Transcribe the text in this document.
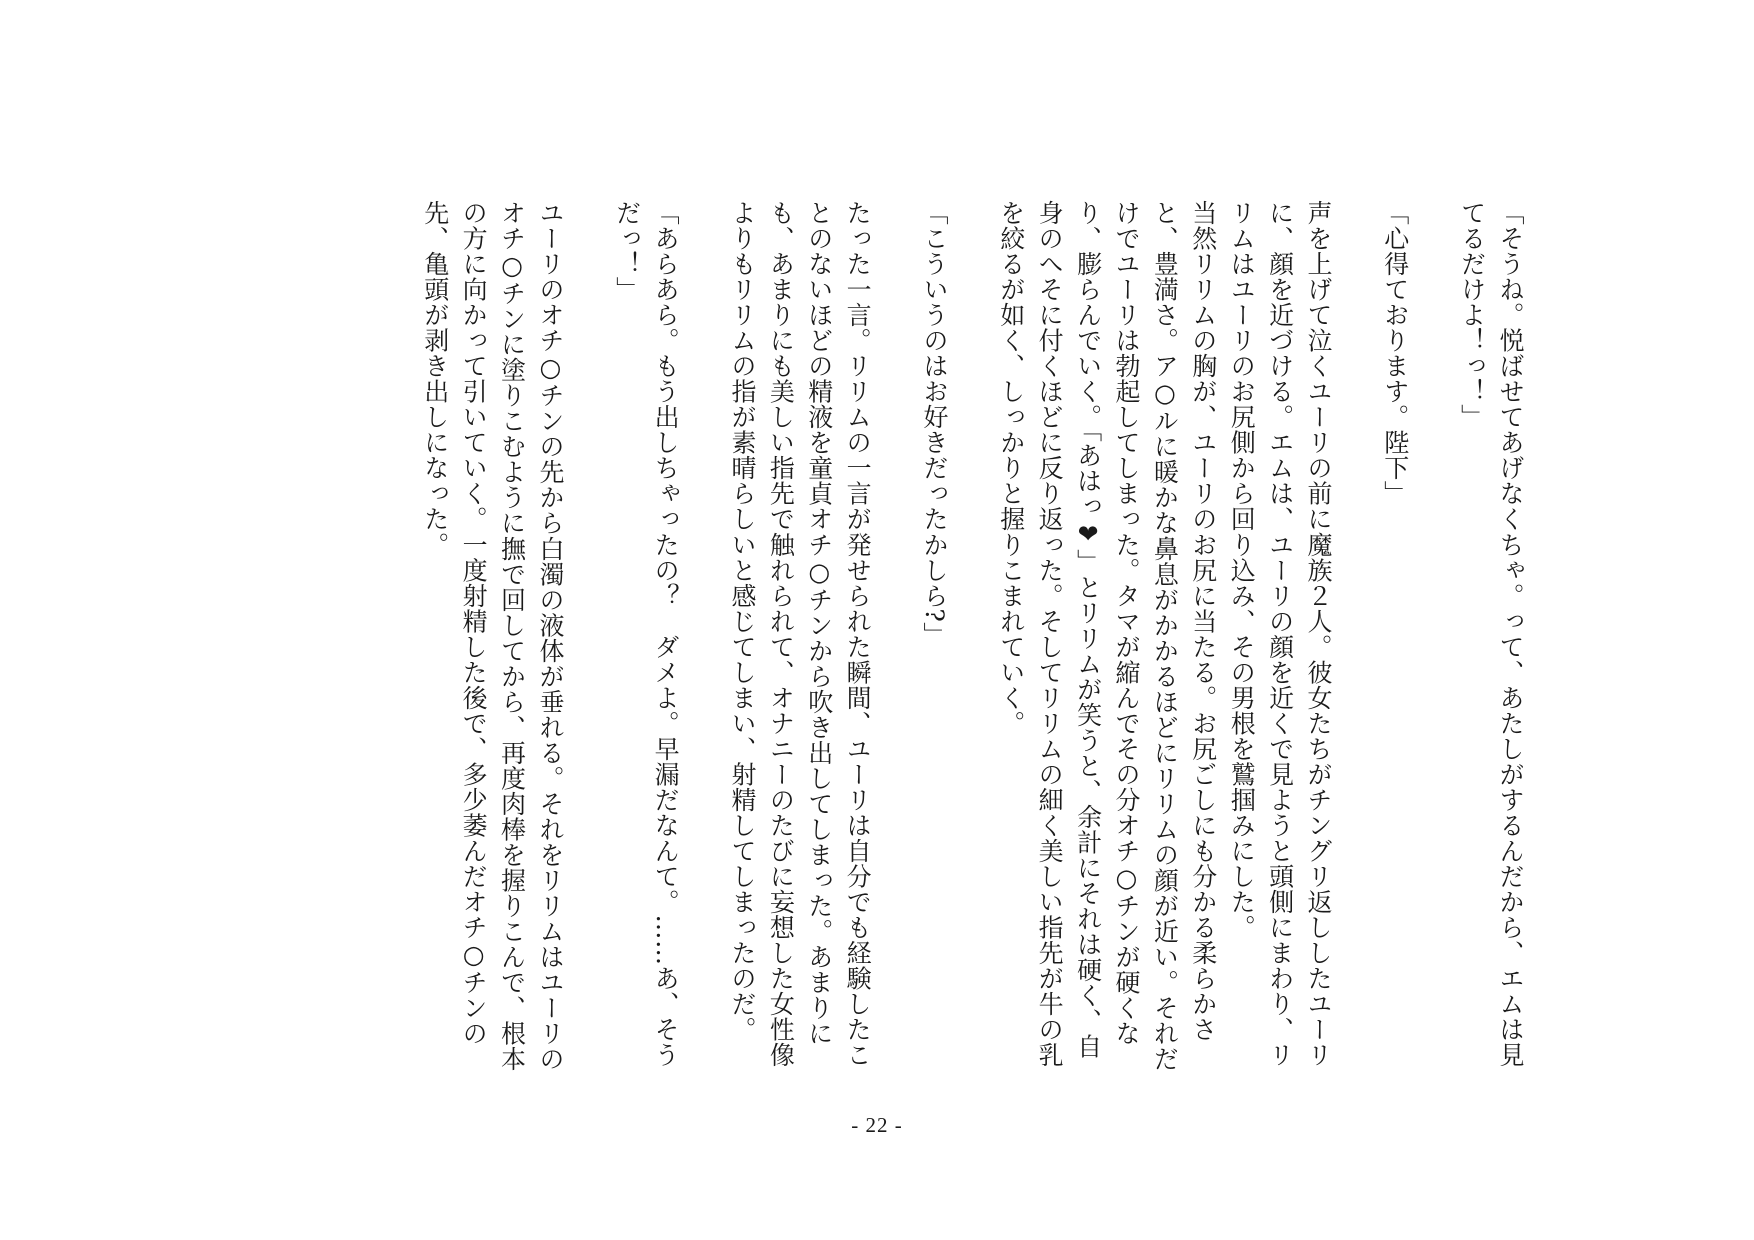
「そうね。悦ばせてあげなくちゃ。って、あたしがするんだから、エムは見てるだけよ！っ！」

「心得ております。陛下」

声を上げて泣くユーリの前に魔族２人。彼女たちがチングリ返ししたユーリに、顔を近づける。エムは、ユーリの顔を近くで見ようと頭側にまわり、リリムはユーリのお尻側から回り込み、その男根を鷲掴みにした。

当然リリムの胸が、ユーリのお尻に当たる。お尻ごしにも分かる柔らかさと、豊満さ。ア○ルに暖かな鼻息がかかるほどにリリムの顔が近い。それだけでユーリは勃起してしまった。タマが縮んでその分オチ○チンが硬くなり、膨らんでいく。「あはっ❤」とリリムが笑うと、余計にそれは硬く、自身のへそに付くほどに反り返った。そしてリリムの細く美しい指先が牛の乳を絞るが如く、しっかりと握りこまれていく。

「こういうのはお好きだったかしら?」

たった一言。リリムの一言が発せられた瞬間、ユーリは自分でも経験したことのないほどの精液を童貞オチ○チンから吹き出してしまった。あまりにも、あまりにも美しい指先で触れられて、オナニーのたびに妄想した女性像よりもリリムの指が素晴らしいと感じてしまい、射精してしまったのだ。

「あらあら。もう出しちゃったの？　ダメよ。早漏だなんて。……あ、そうだっ！」

ユーリのオチ○チンの先から白濁の液体が垂れる。それをリリムはユーリのオチ○チンに塗りこむように撫で回してから、再度肉棒を握りこんで、根本の方に向かって引いていく。一度射精した後で、多少萎んだオチ○チンの先、亀頭が剥き出しになった。

- 22 -
